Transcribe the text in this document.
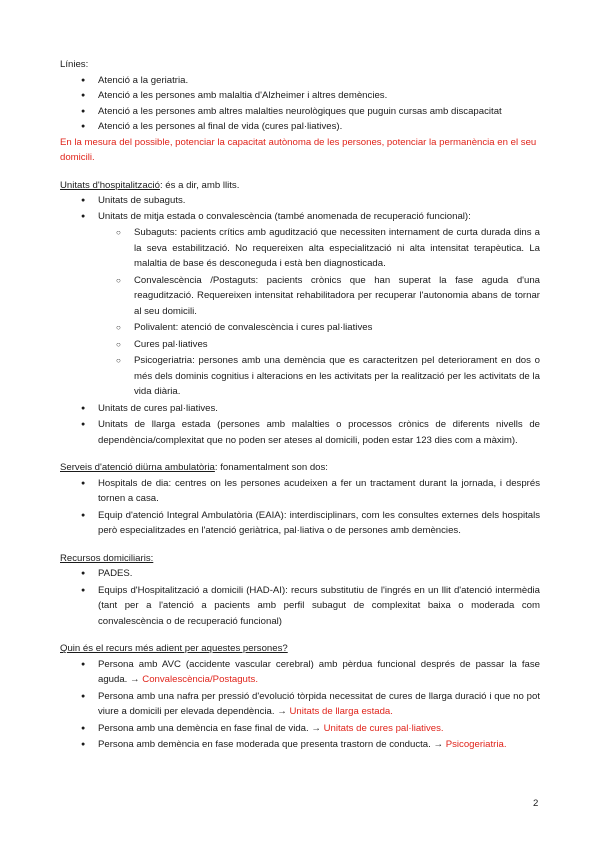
Línies:

● Atenció a la geriatria.
● Atenció a les persones amb malaltia d'Alzheimer i altres demències.
● Atenció a les persones amb altres malalties neurològiques que puguin cursas amb discapacitat
● Atenció a les persones al final de vida (cures pal·liatives).

En la mesura del possible, potenciar la capacitat autònoma de les persones, potenciar la permanència en el seu domicili.

Unitats d'hospitalització: és a dir, amb llits.

● Unitats de subaguts.
● Unitats de mitja estada o convalescència (també anomenada de recuperació funcional):
○ Subaguts: pacients crítics amb agudització que necessiten internament de curta durada dins a la seva estabilització. No requereixen alta especialització ni alta intensitat terapèutica. La malaltia de base és desconeguda i està ben diagnosticada.
○ Convalescència /Postaguts: pacients crònics que han superat la fase aguda d'una reagudització. Requereixen intensitat rehabilitadora per recuperar l'autonomia abans de tornar al seu domicili.
○ Polivalent: atenció de convalescència i cures pal·liatives
○ Cures pal·liatives
○ Psicogeriatria: persones amb una demència que es caracteritzen pel deteriorament en dos o més dels dominis cognitius i alteracions en les activitats per la realització per les activitats de la vida diària.
● Unitats de cures pal·liatives.
● Unitats de llarga estada (persones amb malalties o processos crònics de diferents nivells de dependència/complexitat que no poden ser ateses al domicili, poden estar 123 dies com a màxim).

Serveis d'atenció diürna ambulatòria: fonamentalment son dos:

● Hospitals de dia: centres on les persones acudeixen a fer un tractament durant la jornada, i després tornen a casa.
● Equip d'atenció Integral Ambulatòria (EAIA): interdisciplinars, com les consultes externes dels hospitals però especialitzades en l'atenció geriàtrica, pal·liativa o de persones amb demències.

Recursos domiciliaris:

● PADES.
● Equips d'Hospitalització a domicili (HAD-AI): recurs substitutiu de l'ingrés en un llit d'atenció intermèdia (tant per a l'atenció a pacients amb perfil subagut de complexitat baixa o moderada com convalescència o de recuperació funcional)

Quin és el recurs més adient per aquestes persones?

● Persona amb AVC (accidente vascular cerebral) amb pèrdua funcional després de passar la fase aguda. → Convalescència/Postaguts.
● Persona amb una nafra per pressió d'evolució tòrpida necessitat de cures de llarga duració i que no pot viure a domicili per elevada dependència. → Unitats de llarga estada.
● Persona amb una demència en fase final de vida. → Unitats de cures pal·liatives.
● Persona amb demència en fase moderada que presenta trastorn de conducta. → Psicogeriatria.
2
